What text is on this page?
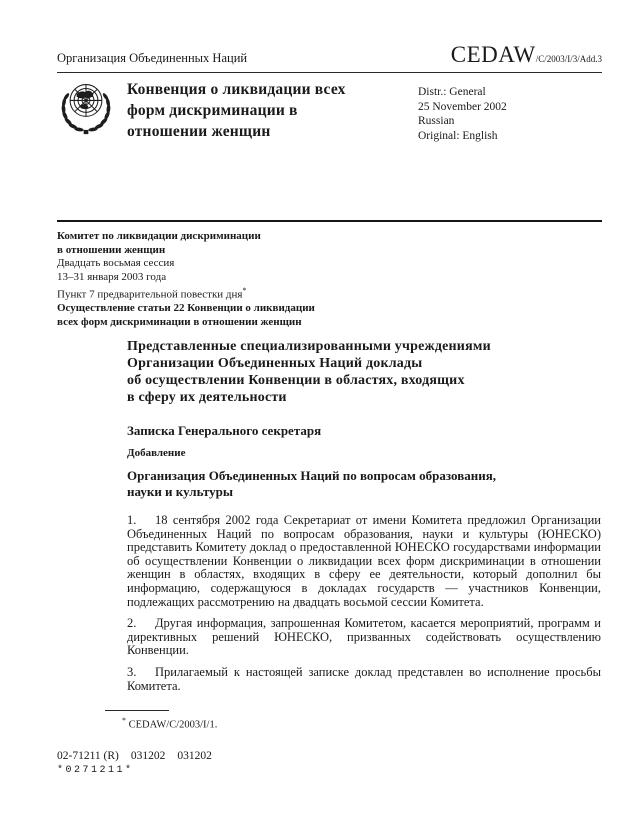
Организация Объединенных Наций	CEDAW/C/2003/I/3/Add.3
Конвенция о ликвидации всех
форм дискриминации в
отношении женщин
Distr.: General
25 November 2002
Russian
Original: English
Комитет по ликвидации дискриминации
в отношении женщин
Двадцать восьмая сессия
13–31 января 2003 года
Пункт 7 предварительной повестки дня*
Осуществление статьи 22 Конвенции о ликвидации
всех форм дискриминации в отношении женщин
Представленные специализированными учреждениями
Организации Объединенных Наций доклады
об осуществлении Конвенции в областях, входящих
в сферу их деятельности
Записка Генерального секретаря
Добавление
Организация Объединенных Наций по вопросам образования,
науки и культуры

1. 18 сентября 2002 года Секретариат от имени Комитета предложил Организации Объединенных Наций по вопросам образования, науки и культуры (ЮНЕСКО) представить Комитету доклад о предоставленной ЮНЕСКО государствами информации об осуществлении Конвенции о ликвидации всех форм дискриминации в отношении женщин в областях, входящих в сферу ее деятельности, который дополнил бы информацию, содержащуюся в докладах государств — участников Конвенции, подлежащих рассмотрению на двадцать восьмой сессии Комитета.

2. Другая информация, запрошенная Комитетом, касается мероприятий, программ и директивных решений ЮНЕСКО, призванных содействовать осуществлению Конвенции.

3. Прилагаемый к настоящей записке доклад представлен во исполнение просьбы Комитета.

* CEDAW/C/2003/I/1.
02-71211 (R) 031202 031202
*0271211*
